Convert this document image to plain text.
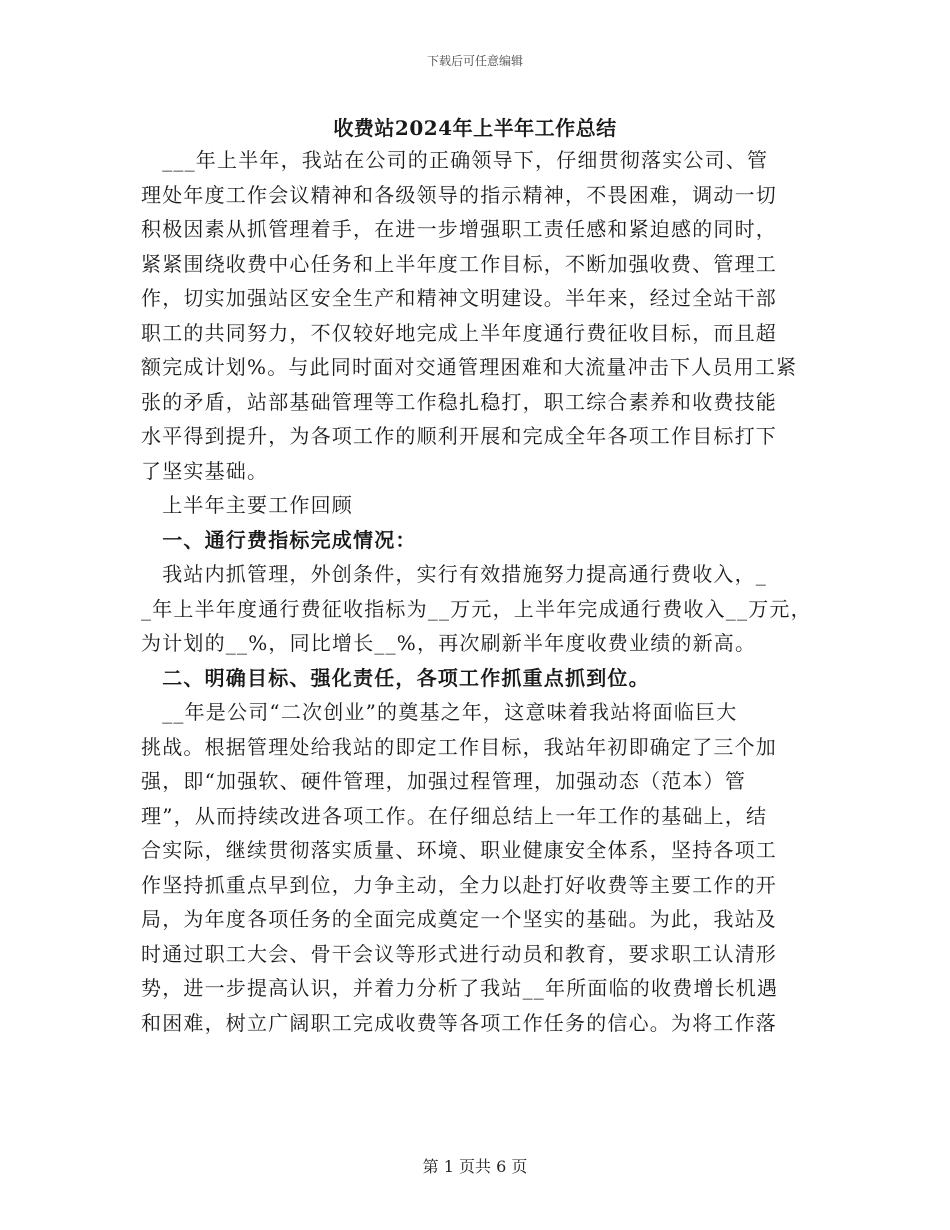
下载后可任意编辑
收费站2024年上半年工作总结
　___年上半年，我站在公司的正确领导下，仔细贯彻落实公司、管
理处年度工作会议精神和各级领导的指示精神，不畏困难，调动一切
积极因素从抓管理着手，在进一步增强职工责任感和紧迫感的同时，
紧紧围绕收费中心任务和上半年度工作目标，不断加强收费、管理工
作，切实加强站区安全生产和精神文明建设。半年来，经过全站干部
职工的共同努力，不仅较好地完成上半年度通行费征收目标，而且超
额完成计划%。与此同时面对交通管理困难和大流量冲击下人员用工紧
张的矛盾，站部基础管理等工作稳扎稳打，职工综合素养和收费技能
水平得到提升，为各项工作的顺利开展和完成全年各项工作目标打下
了坚实基础。
　上半年主要工作回顾
　一、通行费指标完成情况：
　我站内抓管理，外创条件，实行有效措施努力提高通行费收入，_
_年上半年度通行费征收指标为__万元，上半年完成通行费收入__万元，
为计划的__%，同比增长__%，再次刷新半年度收费业绩的新高。
　二、明确目标、强化责任，各项工作抓重点抓到位。
　__年是公司“二次创业”的奠基之年，这意味着我站将面临巨大
挑战。根据管理处给我站的即定工作目标，我站年初即确定了三个加
强，即“加强软、硬件管理，加强过程管理，加强动态（范本）管
理”，从而持续改进各项工作。在仔细总结上一年工作的基础上，结
合实际，继续贯彻落实质量、环境、职业健康安全体系，坚持各项工
作坚持抓重点早到位，力争主动，全力以赴打好收费等主要工作的开
局，为年度各项任务的全面完成奠定一个坚实的基础。为此，我站及
时通过职工大会、骨干会议等形式进行动员和教育，要求职工认清形
势，进一步提高认识，并着力分析了我站__年所面临的收费增长机遇
和困难，树立广阔职工完成收费等各项工作任务的信心。为将工作落
第 1 页共 6 页
